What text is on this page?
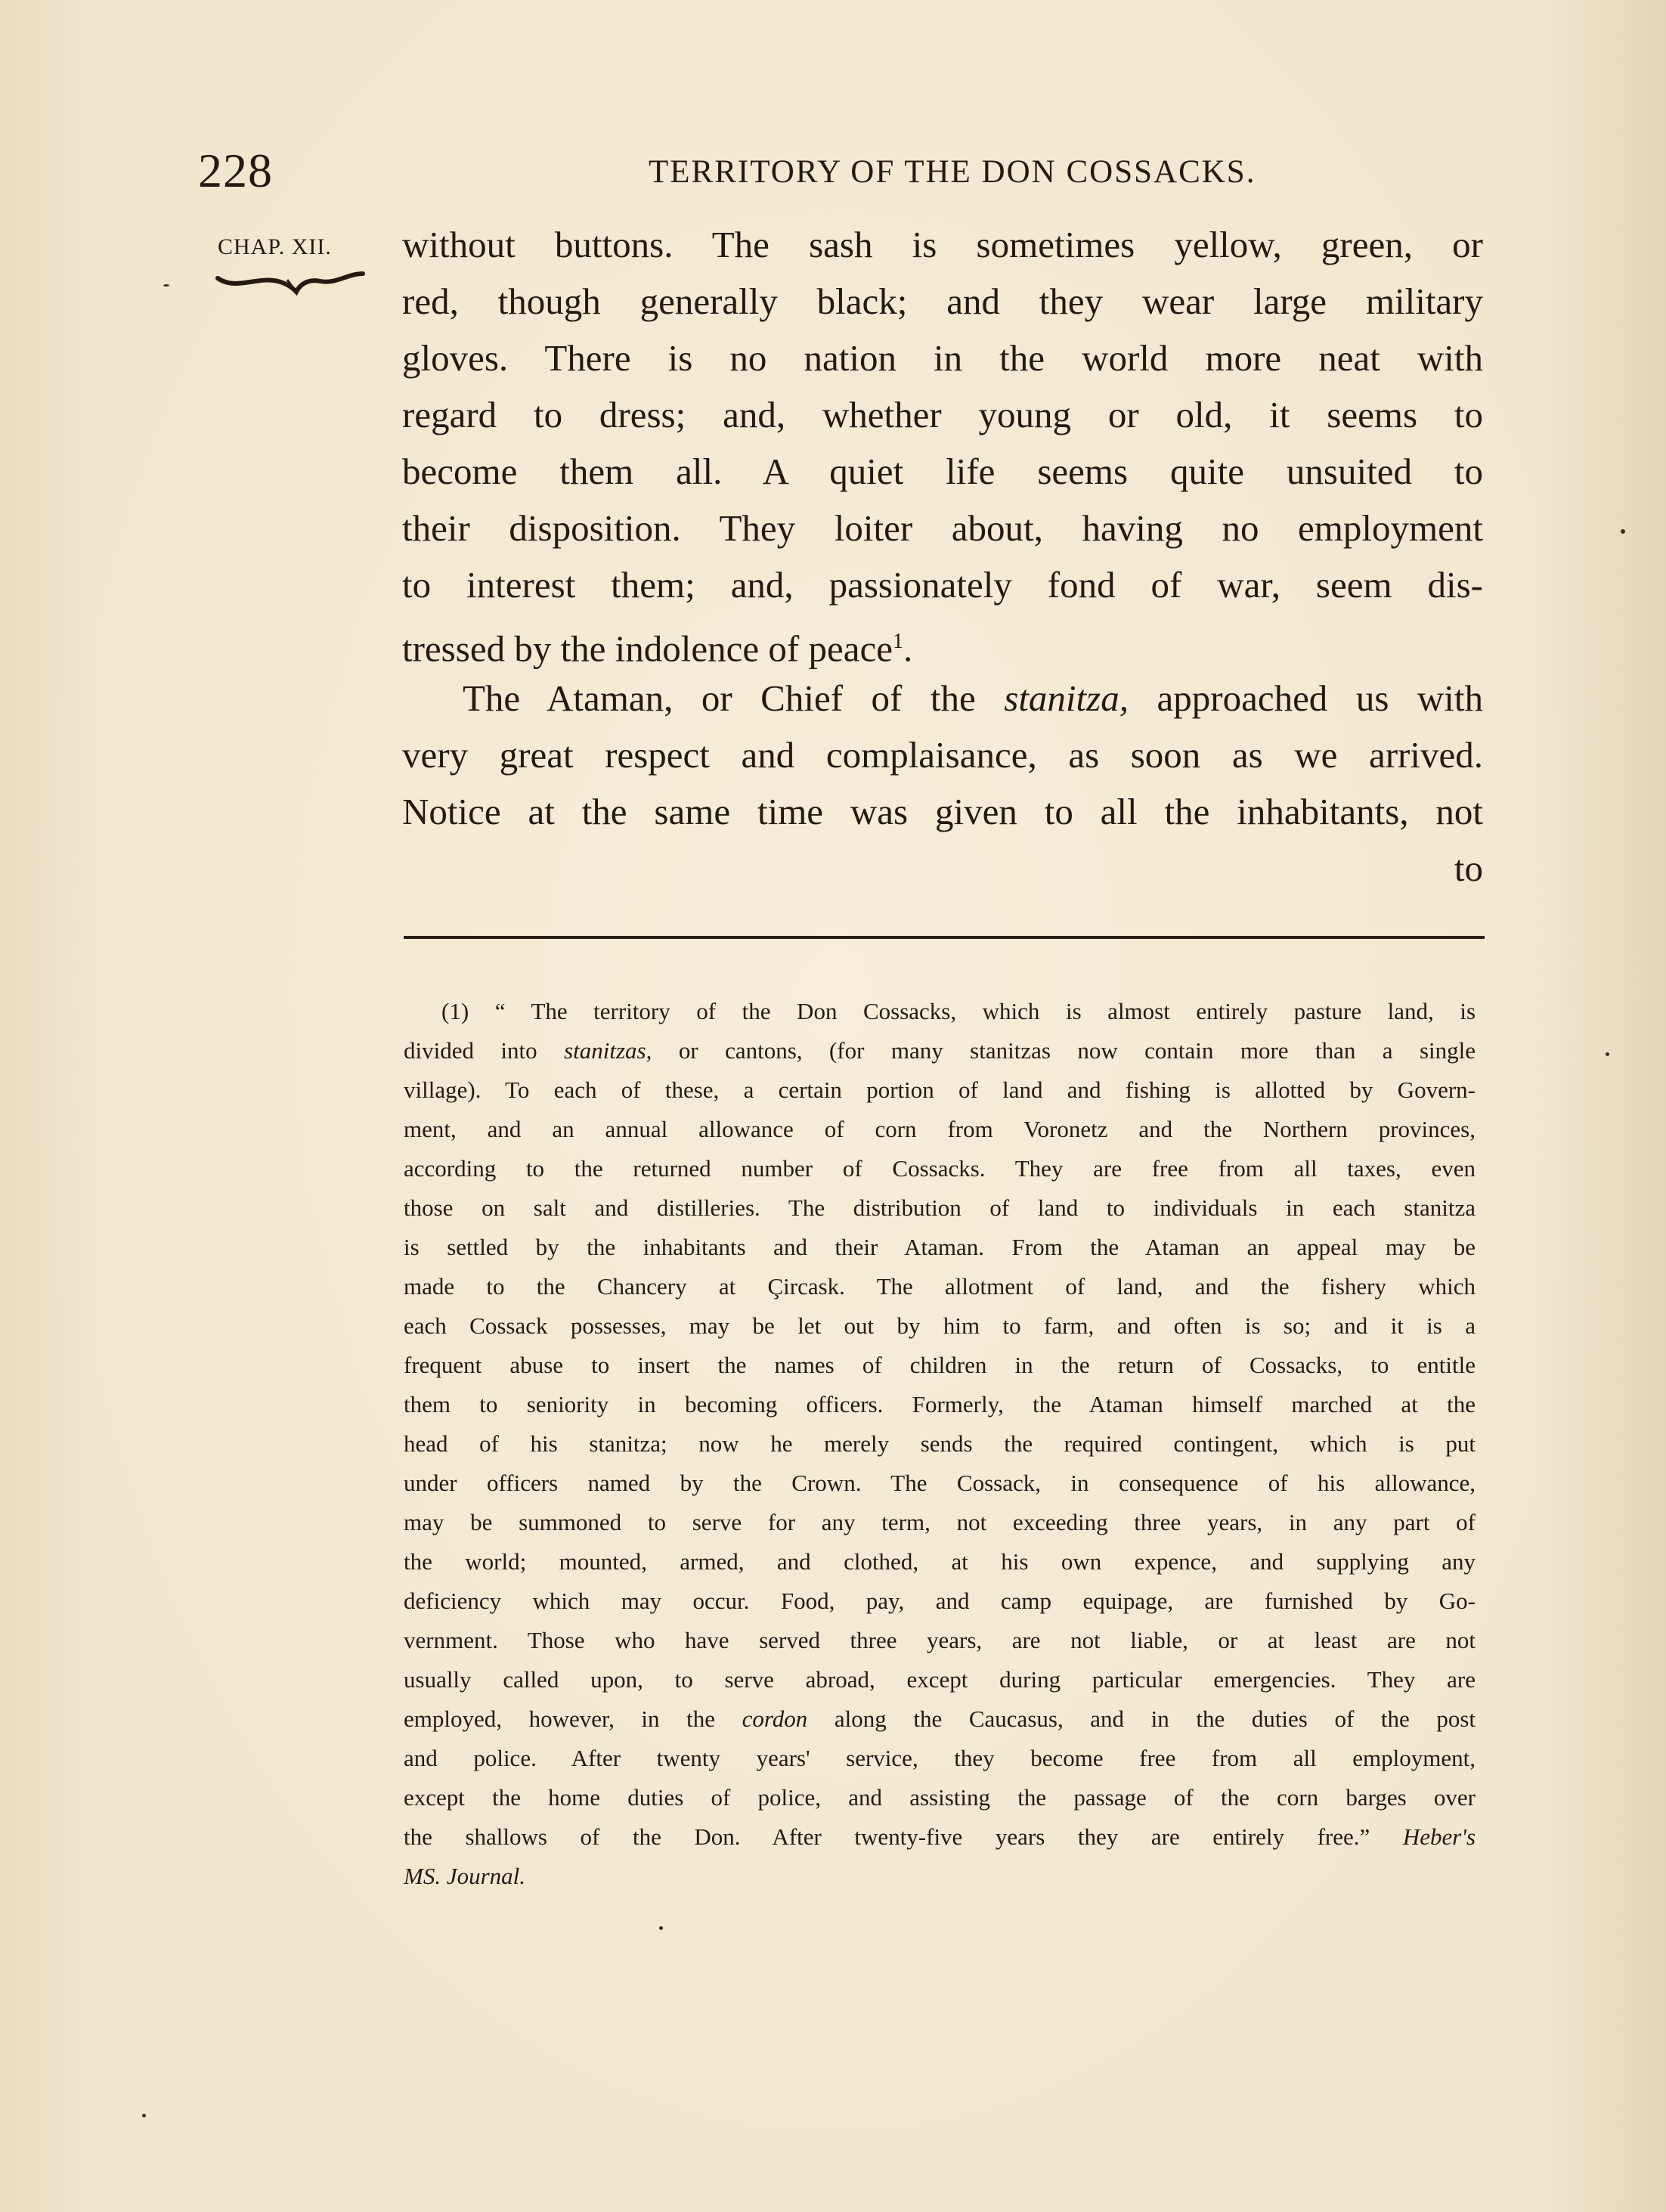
228	TERRITORY OF THE DON COSSACKS.
CHAP. XII. without buttons. The sash is sometimes yellow, green, or
red, though generally black; and they wear large military
gloves. There is no nation in the world more neat with
regard to dress; and, whether young or old, it seems to
become them all. A quiet life seems quite unsuited to
their disposition. They loiter about, having no employment
to interest them; and, passionately fond of war, seem dis-
tressed by the indolence of peace$^1$.
The Ataman, or Chief of the stanitza, approached us with
very great respect and complaisance, as soon as we arrived.
Notice at the same time was given to all the inhabitants, not
to
(1) “ The territory of the Don Cossacks, which is almost entirely pasture land, is
divided into stanitzas, or cantons, (for many stanitzas now contain more than a single
village). To each of these, a certain portion of land and fishing is allotted by Govern-
ment, and an annual allowance of corn from Voronetz and the Northern provinces,
according to the returned number of Cossacks. They are free from all taxes, even
those on salt and distilleries. The distribution of land to individuals in each stanitza
is settled by the inhabitants and their Ataman. From the Ataman an appeal may be
made to the Chancery at Çircask. The allotment of land, and the fishery which
each Cossack possesses, may be let out by him to farm, and often is so; and it is a
frequent abuse to insert the names of children in the return of Cossacks, to entitle
them to seniority in becoming officers. Formerly, the Ataman himself marched at the
head of his stanitza; now he merely sends the required contingent, which is put
under officers named by the Crown. The Cossack, in consequence of his allowance,
may be summoned to serve for any term, not exceeding three years, in any part of
the world; mounted, armed, and clothed, at his own expence, and supplying any
deficiency which may occur. Food, pay, and camp equipage, are furnished by Go-
vernment. Those who have served three years, are not liable, or at least are not
usually called upon, to serve abroad, except during particular emergencies. They are
employed, however, in the cordon along the Caucasus, and in the duties of the post
and police. After twenty years' service, they become free from all employment,
except the home duties of police, and assisting the passage of the corn barges over
the shallows of the Don. After twenty-five years they are entirely free.” Heber's
MS. Journal.
